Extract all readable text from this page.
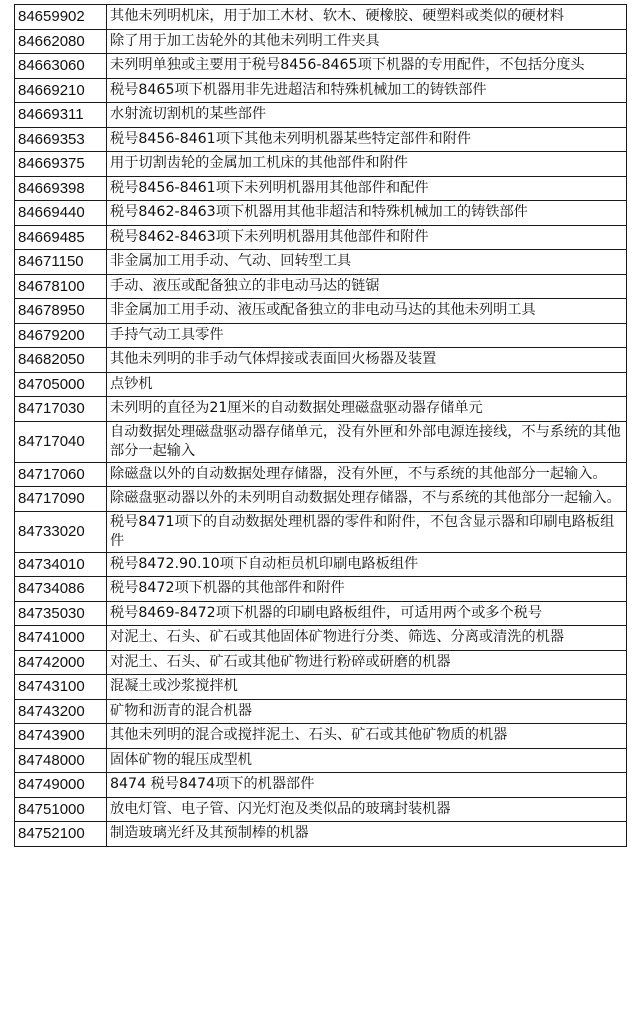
84659902	其他未列明机床，用于加工木材、软木、硬橡胶、硬塑料或类似的硬材料
84662080	除了用于加工齿轮外的其他未列明工件夹具
84663060	未列明单独或主要用于税号8456-8465项下机器的专用配件，不包括分度头
84669210	税号8465项下机器用非先进超洁和特殊机械加工的铸铁部件
84669311	水射流切割机的某些部件
84669353	税号8456-8461项下其他未列明机器某些特定部件和附件
84669375	用于切割齿轮的金属加工机床的其他部件和附件
84669398	税号8456-8461项下未列明机器用其他部件和配件
84669440	税号8462-8463项下机器用其他非超洁和特殊机械加工的铸铁部件
84669485	税号8462-8463项下未列明机器用其他部件和附件
84671150	非金属加工用手动、气动、回转型工具
84678100	手动、液压或配备独立的非电动马达的链锯
84678950	非金属加工用手动、液压或配备独立的非电动马达的其他未列明工具
84679200	手持气动工具零件
84682050	其他未列明的非手动气体焊接或表面回火杨器及装置
84705000	点钞机
84717030	未列明的直径为21厘米的自动数据处理磁盘驱动器存储单元
84717040	自动数据处理磁盘驱动器存储单元，没有外匣和外部电源连接线，不与系统的其他部分一起输入
84717060	除磁盘以外的自动数据处理存储器，没有外匣，不与系统的其他部分一起输入。
84717090	除磁盘驱动器以外的未列明自动数据处理存储器，不与系统的其他部分一起输入。
84733020	税号8471项下的自动数据处理机器的零件和附件，不包含显示器和印刷电路板组件
84734010	税号8472.90.10项下自动柜员机印刷电路板组件
84734086	税号8472项下机器的其他部件和附件
84735030	税号8469-8472项下机器的印刷电路板组件，可适用两个或多个税号
84741000	对泥土、石头、矿石或其他固体矿物进行分类、筛选、分离或清洗的机器
84742000	对泥土、石头、矿石或其他矿物进行粉碎或研磨的机器
84743100	混凝土或沙浆搅拌机
84743200	矿物和沥青的混合机器
84743900	其他未列明的混合或搅拌泥土、石头、矿石或其他矿物质的机器
84748000	固体矿物的辊压成型机
84749000	8474 税号8474项下的机器部件
84751000	放电灯管、电子管、闪光灯泡及类似品的玻璃封装机器
84752100	制造玻璃光纤及其预制棒的机器
